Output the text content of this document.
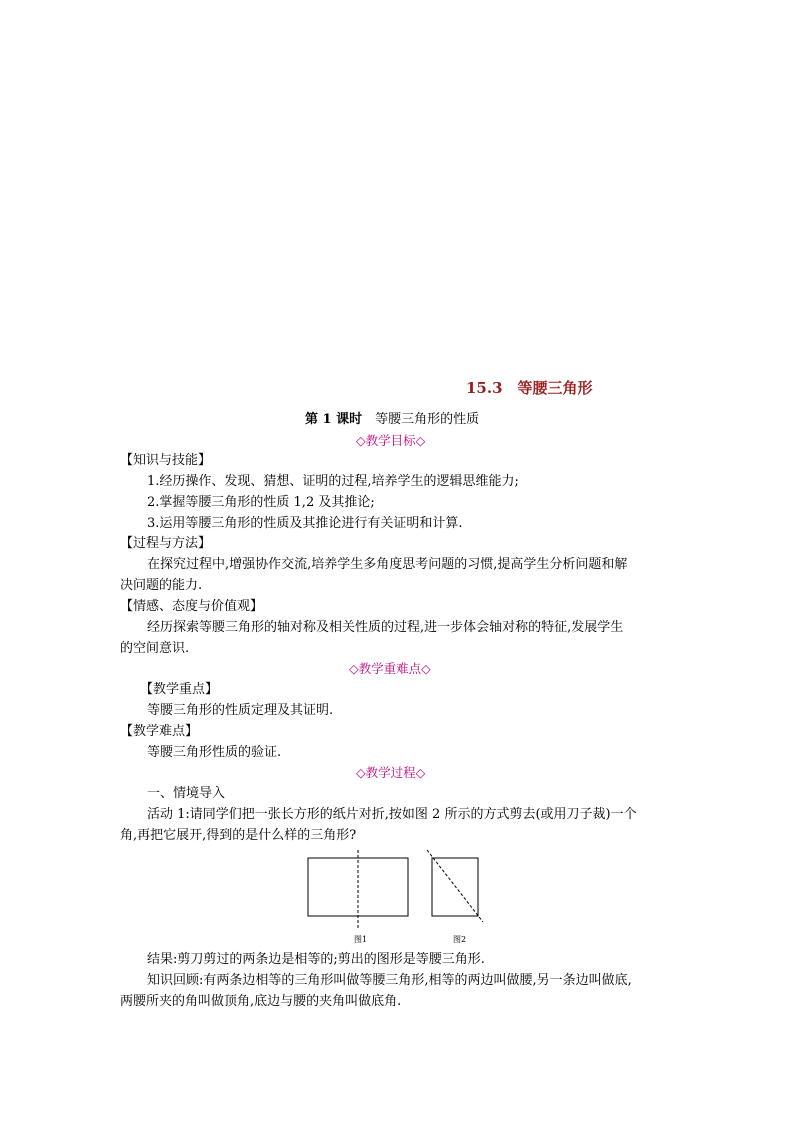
15.3　等腰三角形
第 1 课时　等腰三角形的性质
◇教学目标◇
【知识与技能】
1.经历操作、发现、猜想、证明的过程,培养学生的逻辑思维能力;
2.掌握等腰三角形的性质 1,2 及其推论;
3.运用等腰三角形的性质及其推论进行有关证明和计算.
【过程与方法】
在探究过程中,增强协作交流,培养学生多角度思考问题的习惯,提高学生分析问题和解
决问题的能力.
【情感、态度与价值观】
经历探索等腰三角形的轴对称及相关性质的过程,进一步体会轴对称的特征,发展学生
的空间意识.
◇教学重难点◇
【教学重点】
等腰三角形的性质定理及其证明.
【教学难点】
等腰三角形性质的验证.
◇教学过程◇
一、情境导入
活动 1:请同学们把一张长方形的纸片对折,按如图 2 所示的方式剪去(或用刀子裁)一个
角,再把它展开,得到的是什么样的三角形?
图1	图2
结果:剪刀剪过的两条边是相等的;剪出的图形是等腰三角形.
知识回顾:有两条边相等的三角形叫做等腰三角形,相等的两边叫做腰,另一条边叫做底,
两腰所夹的角叫做顶角,底边与腰的夹角叫做底角.
